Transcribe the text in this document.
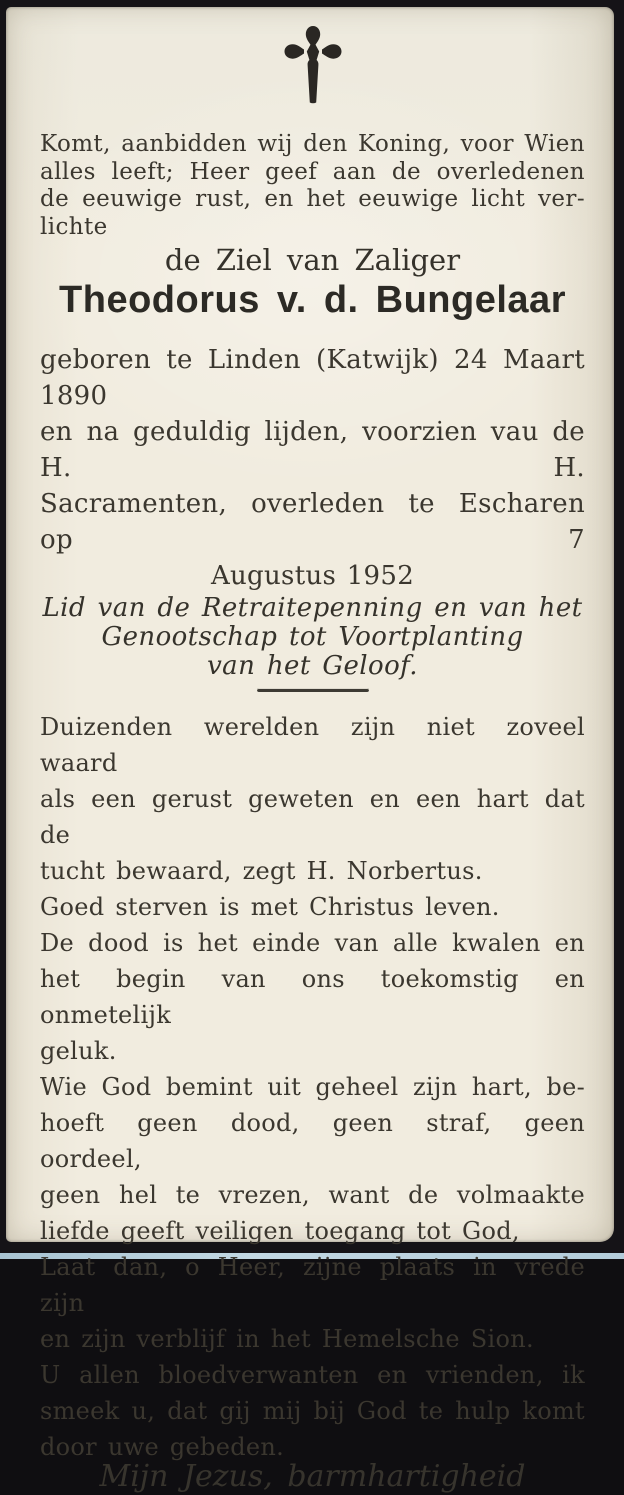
Komt, aanbidden wij den Koning, voor Wien
alles leeft; Heer geef aan de overledenen
de eeuwige rust, en het eeuwige licht ver-
lichte
de Ziel van Zaliger
Theodorus v. d. Bungelaar
geboren te Linden (Katwijk) 24 Maart 1890
en na geduldig lijden, voorzien vau de H. H.
Sacramenten, overleden te Escharen op 7
Augustus 1952
Lid van de Retraitepenning en van het
Genootschap tot Voortplanting
van het Geloof.
Duizenden werelden zijn niet zoveel waard
als een gerust geweten en een hart dat de
tucht bewaard, zegt H. Norbertus.
Goed sterven is met Christus leven.
De dood is het einde van alle kwalen en
het begin van ons toekomstig en onmetelijk
geluk.
Wie God bemint uit geheel zijn hart, be-
hoeft geen dood, geen straf, geen oordeel,
geen hel te vrezen, want de volmaakte
liefde geeft veiligen toegang tot God,
Laat dan, o Heer, zijne plaats in vrede zijn
en zijn verblijf in het Hemelsche Sion.
U allen bloedverwanten en vrienden, ik
smeek u, dat gij mij bij God te hulp komt
door uwe gebeden.
Mijn Jezus, barmhartigheid
